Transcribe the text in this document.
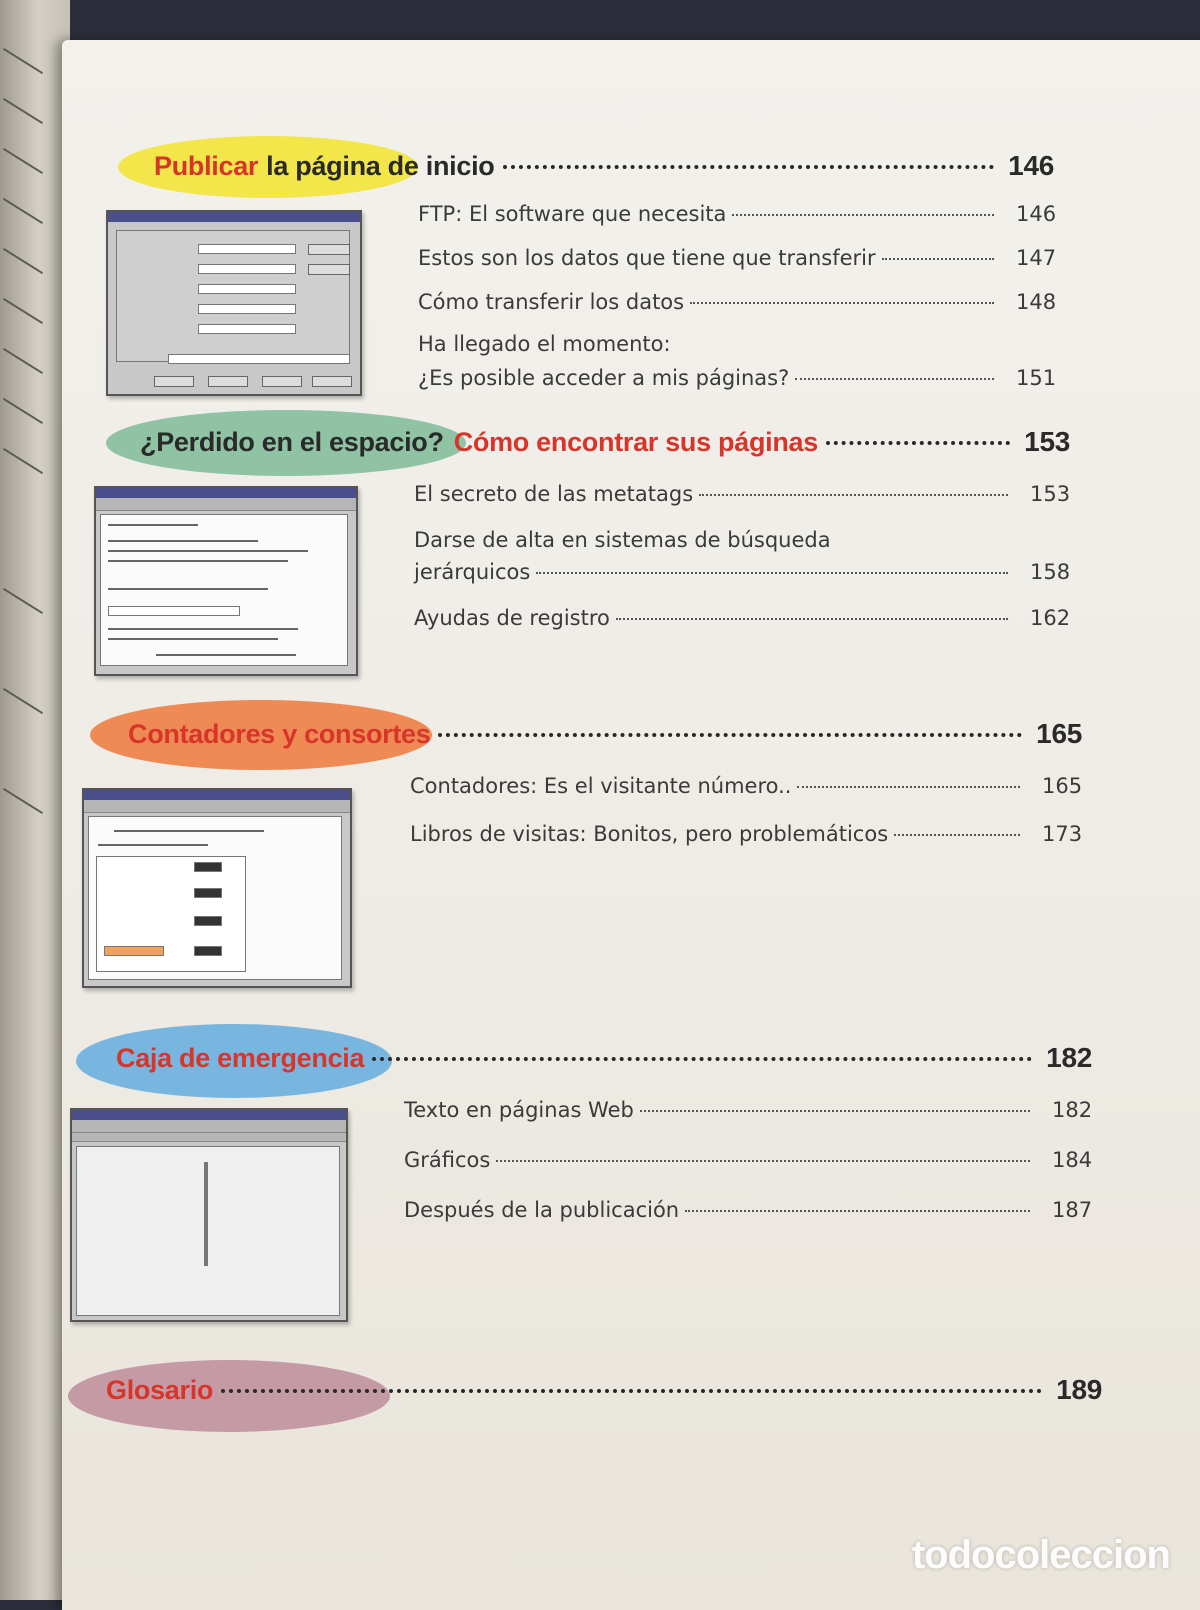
Publicar la página de inicio	146
FTP: El software que necesita	146
Estos son los datos que tiene que transferir	147
Cómo transferir los datos	148
Ha llegado el momento:
¿Es posible acceder a mis páginas?	151
¿Perdido en el espacio? Cómo encontrar sus páginas	153
El secreto de las metatags	153
Darse de alta en sistemas de búsqueda
jerárquicos	158
Ayudas de registro	162
Contadores y consortes	165
Contadores: Es el visitante número..	165
Libros de visitas: Bonitos, pero problemáticos	173
Caja de emergencia	182
Texto en páginas Web	182
Gráficos	184
Después de la publicación	187
Glosario	189
todocoleccion
